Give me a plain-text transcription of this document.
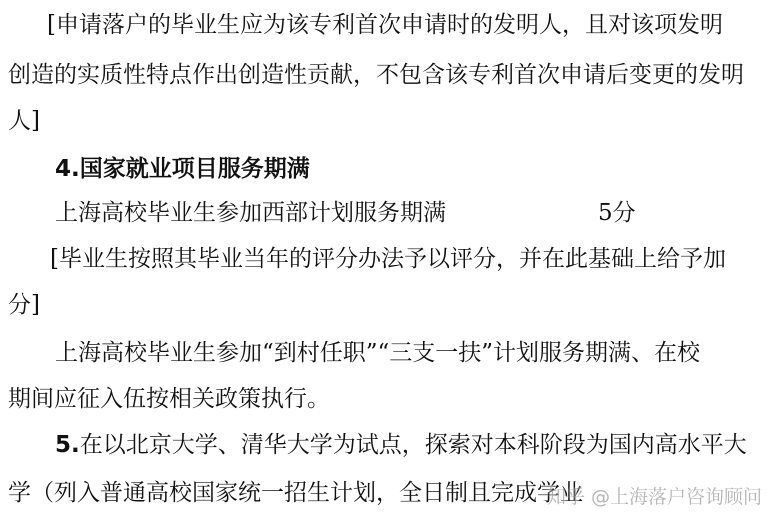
[申请落户的毕业生应为该专利首次申请时的发明人，且对该项发明
创造的实质性特点作出创造性贡献，不包含该专利首次申请后变更的发明
人]
4.国家就业项目服务期满
上海高校毕业生参加西部计划服务期满	5分
[毕业生按照其毕业当年的评分办法予以评分，并在此基础上给予加
分]
上海高校毕业生参加“到村任职”“三支一扶”计划服务期满、在校
期间应征入伍按相关政策执行。
5.在以北京大学、清华大学为试点，探索对本科阶段为国内高水平大
学（列入普通高校国家统一招生计划，全日制且完成学业
知乎 @上海落户咨询顾问
